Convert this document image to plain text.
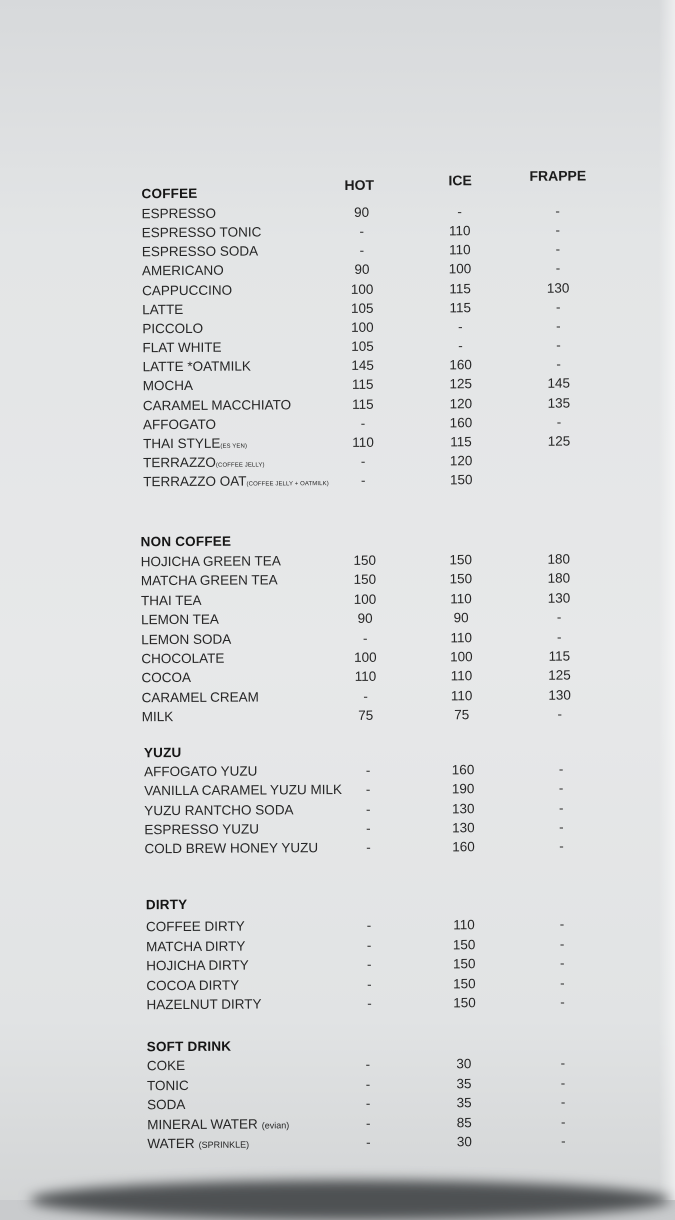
HOT	ICE	FRAPPE
COFFEE
ESPRESSO	90	-	-
ESPRESSO TONIC	-	110	-
ESPRESSO SODA	-	110	-
AMERICANO	90	100	-
CAPPUCCINO	100	115	130
LATTE	105	115	-
PICCOLO	100	-	-
FLAT WHITE	105	-	-
LATTE *OATMILK	145	160	-
MOCHA	115	125	145
CARAMEL MACCHIATO	115	120	135
AFFOGATO	-	160	-
THAI STYLE(ES YEN)	110	115	125
TERRAZZO(COFFEE JELLY)	-	120
TERRAZZO OAT(COFFEE JELLY + OATMILK) -	150
NON COFFEE
HOJICHA GREEN TEA	150	150	180
MATCHA GREEN TEA	150	150	180
THAI TEA	100	110	130
LEMON TEA	90	90	-
LEMON SODA	-	110	-
CHOCOLATE	100	100	115
COCOA	110	110	125
CARAMEL CREAM	-	110	130
MILK	75	75	-
YUZU
AFFOGATO YUZU	-	160	-
VANILLA CARAMEL YUZU MILK -	190	-
YUZU RANTCHO SODA	-	130	-
ESPRESSO YUZU	-	130	-
COLD BREW HONEY YUZU	-	160	-
DIRTY
COFFEE DIRTY	-	110	-
MATCHA DIRTY	-	150	-
HOJICHA DIRTY	-	150	-
COCOA DIRTY	-	150	-
HAZELNUT DIRTY	-	150	-
SOFT DRINK
COKE	-	30	-
TONIC	-	35	-
SODA	-	35	-
MINERAL WATER (evian)	-	85	-
WATER (SPRINKLE)	-	30	-
